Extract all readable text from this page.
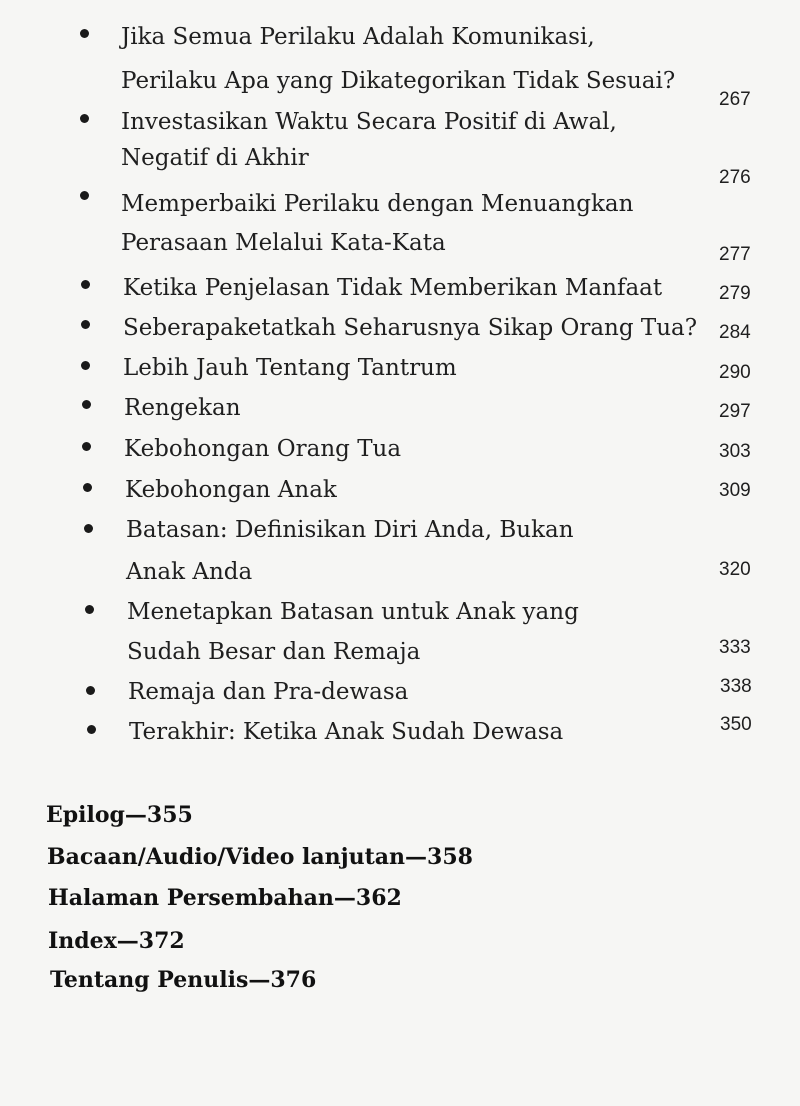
Jika Semua Perilaku Adalah Komunikasi,
Perilaku Apa yang Dikategorikan Tidak Sesuai?
267
Investasikan Waktu Secara Positif di Awal,
Negatif di Akhir
276
Memperbaiki Perilaku dengan Menuangkan
Perasaan Melalui Kata-Kata	277
Ketika Penjelasan Tidak Memberikan Manfaat	279
Seberapaketatkah Seharusnya Sikap Orang Tua? 284
Lebih Jauh Tentang Tantrum	290
Rengekan	297
Kebohongan Orang Tua	303
Kebohongan Anak	309
Batasan: Definisikan Diri Anda, Bukan
Anak Anda	320
Menetapkan Batasan untuk Anak yang
Sudah Besar dan Remaja	333
Remaja dan Pra-dewasa	338
Terakhir: Ketika Anak Sudah Dewasa	350
Epilog—355
Bacaan/Audio/Video lanjutan—358
Halaman Persembahan—362
Index—372
Tentang Penulis—376
